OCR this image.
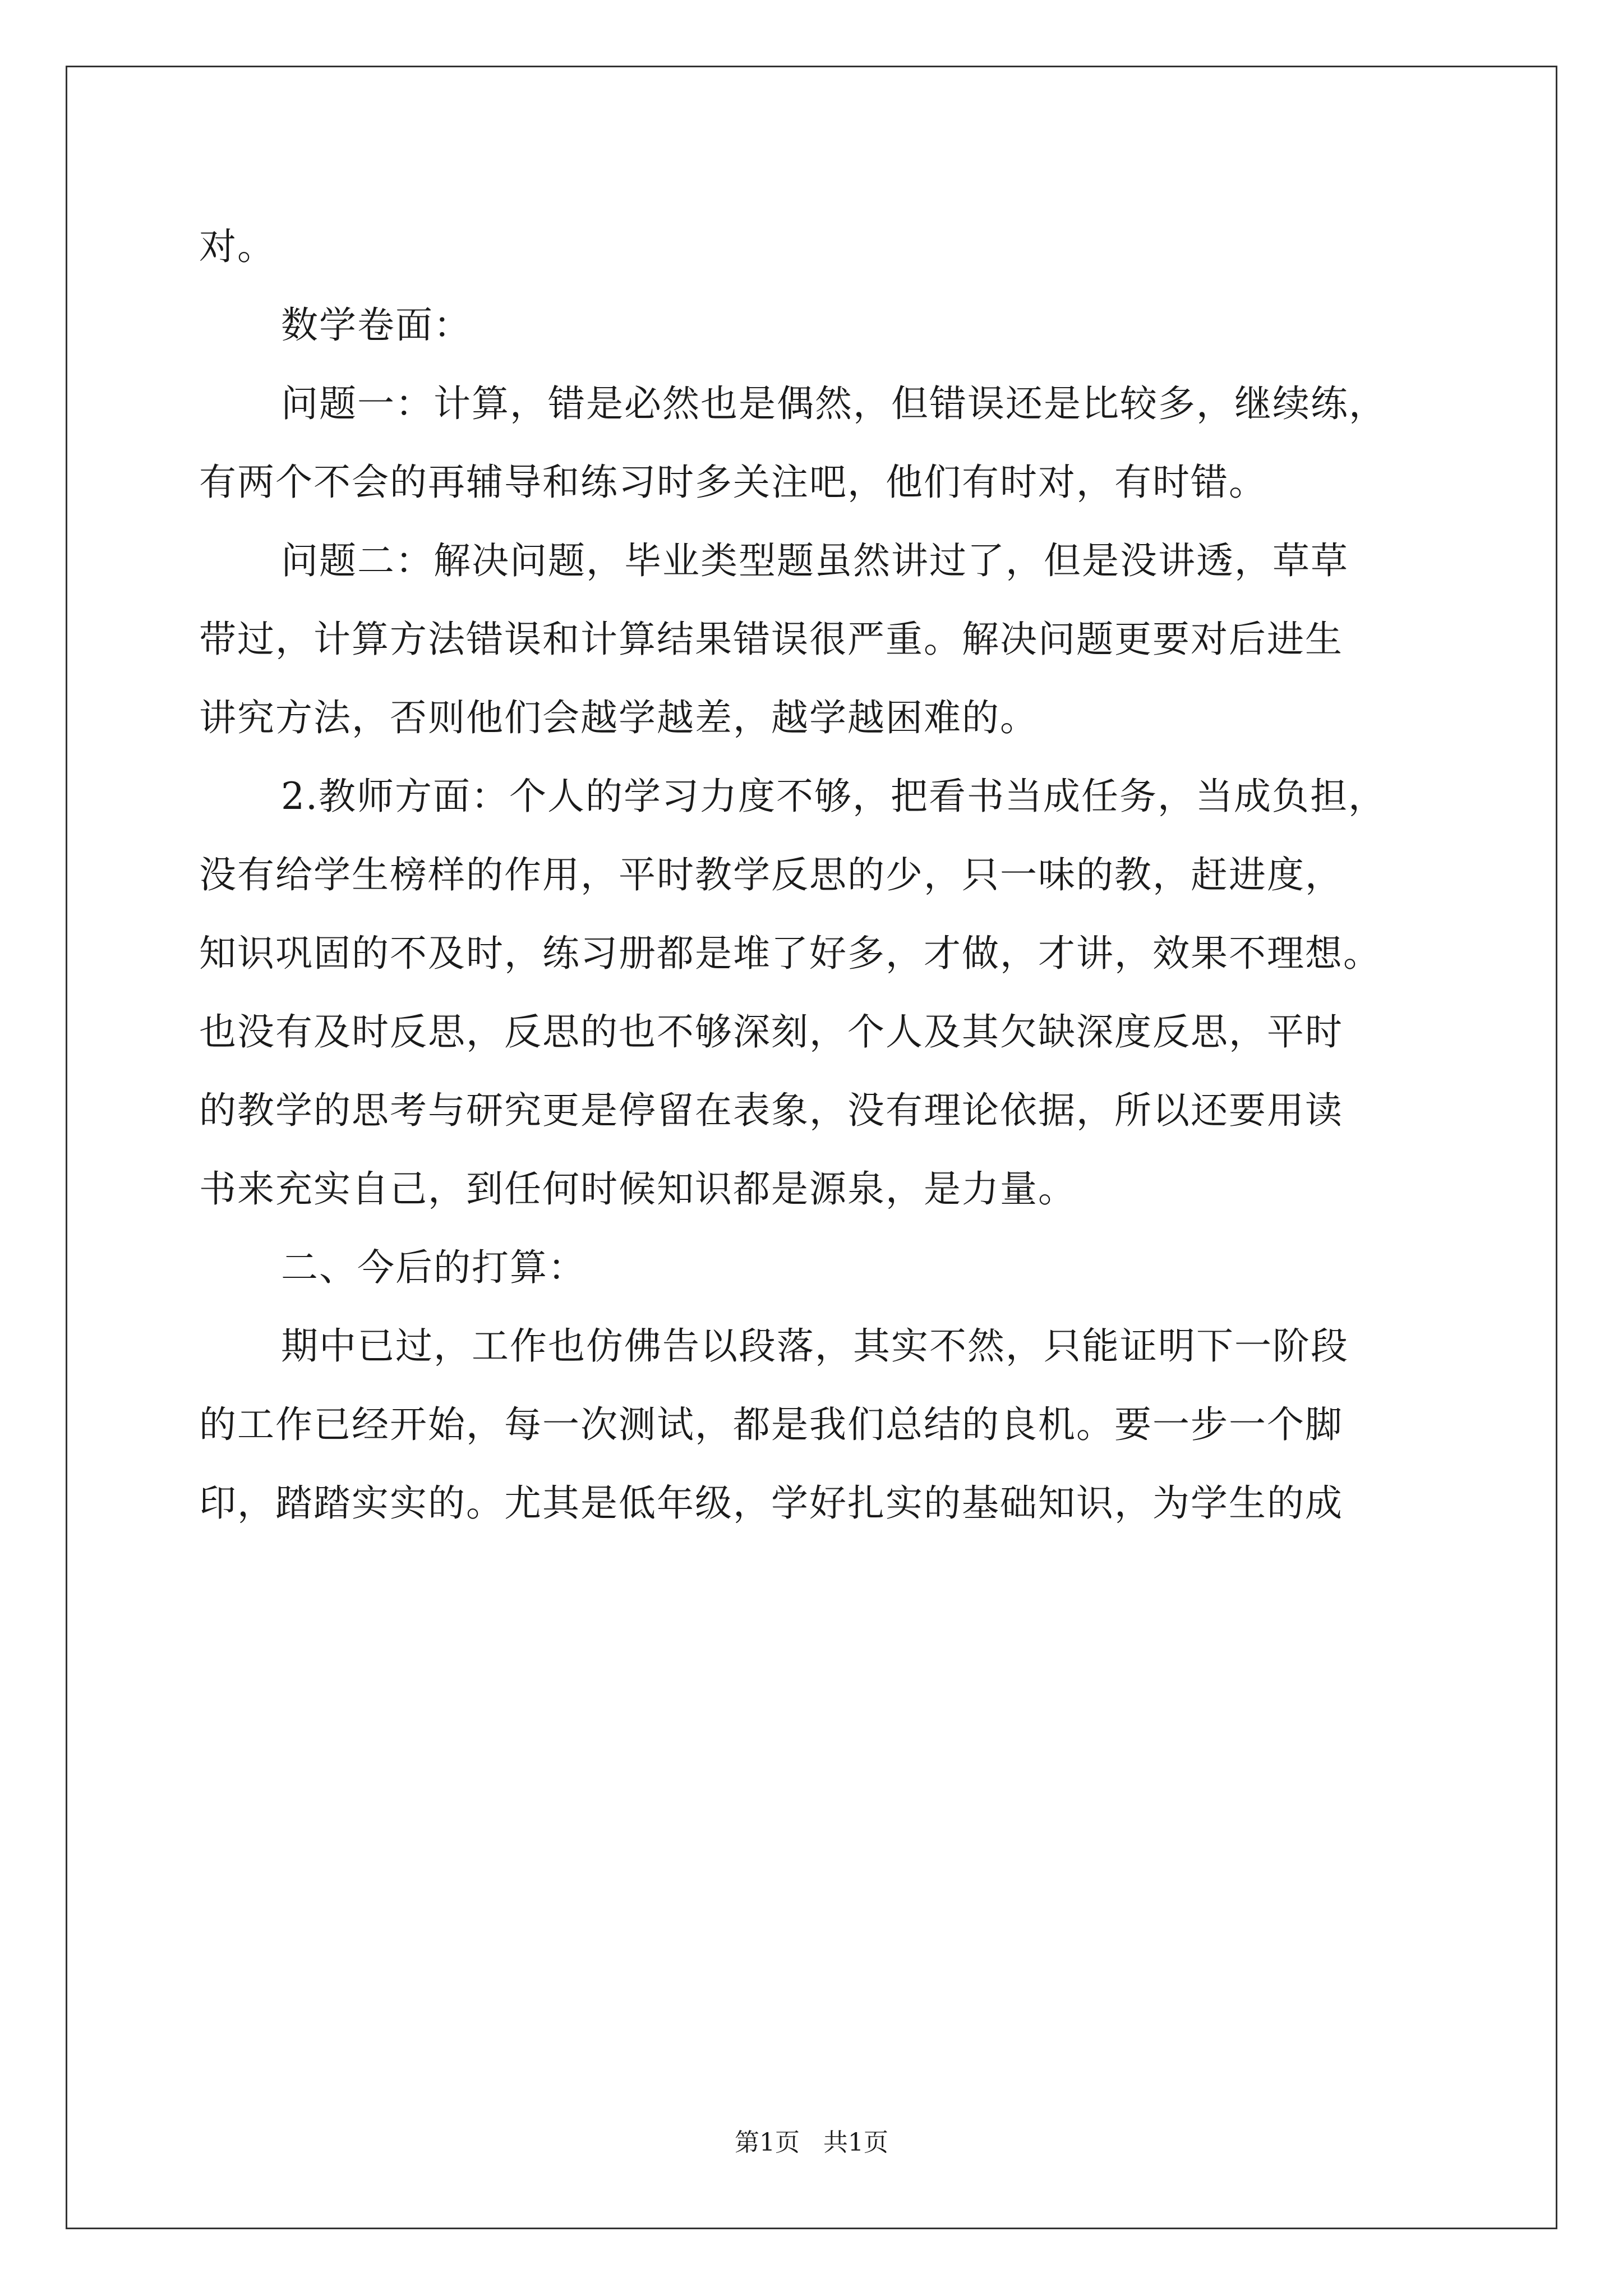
对。
数学卷面：
问题一：计算，错是必然也是偶然，但错误还是比较多，继续练，
有两个不会的再辅导和练习时多关注吧，他们有时对，有时错。
问题二：解决问题，毕业类型题虽然讲过了，但是没讲透，草草
带过，计算方法错误和计算结果错误很严重。解决问题更要对后进生
讲究方法，否则他们会越学越差，越学越困难的。
2.教师方面：个人的学习力度不够，把看书当成任务，当成负担，
没有给学生榜样的作用，平时教学反思的少，只一味的教，赶进度，
知识巩固的不及时，练习册都是堆了好多，才做，才讲，效果不理想。
也没有及时反思，反思的也不够深刻，个人及其欠缺深度反思，平时
的教学的思考与研究更是停留在表象，没有理论依据，所以还要用读
书来充实自己，到任何时候知识都是源泉，是力量。
二、今后的打算：
期中已过，工作也仿佛告以段落，其实不然，只能证明下一阶段
的工作已经开始，每一次测试，都是我们总结的良机。要一步一个脚
印，踏踏实实的。尤其是低年级，学好扎实的基础知识，为学生的成
第1页 共1页
